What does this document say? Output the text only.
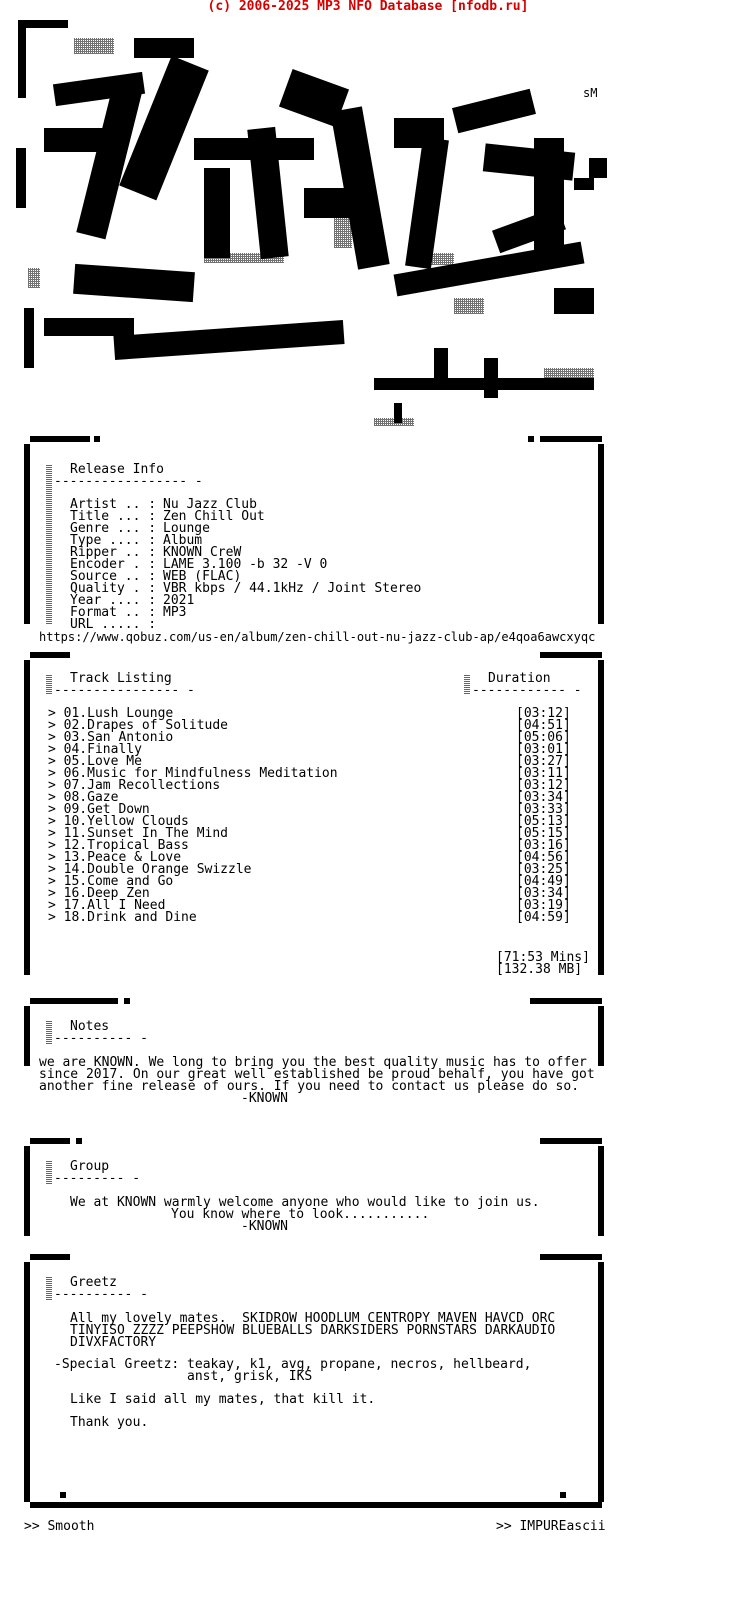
(c) 2006-2025 MP3 NFO Database [nfodb.ru]
sM
Release Info
----------------- -
Artist .. : Nu Jazz Club
Title ... : Zen Chill Out
Genre ... : Lounge
Type .... : Album
Ripper .. : KNOWN CreW
Encoder . : LAME 3.100 -b 32 -V 0
Source .. : WEB (FLAC)
Quality . : VBR kbps / 44.1kHz / Joint Stereo
Year .... : 2021
Format .. : MP3
URL ..... :
https://www.qobuz.com/us-en/album/zen-chill-out-nu-jazz-club-ap/e4qoa6awcxyqc
Track Listing
---------------- -
Duration
------------ -
> 01.Lush Lounge	[03:12]
> 02.Drapes of Solitude	[04:51]
> 03.San Antonio	[05:06]
> 04.Finally	[03:01]
> 05.Love Me	[03:27]
> 06.Music for Mindfulness Meditation	[03:11]
> 07.Jam Recollections	[03:12]
> 08.Gaze	[03:34]
> 09.Get Down	[03:33]
> 10.Yellow Clouds	[05:13]
> 11.Sunset In The Mind	[05:15]
> 12.Tropical Bass	[03:16]
> 13.Peace & Love	[04:56]
> 14.Double Orange Swizzle	[03:25]
> 15.Come and Go	[04:49]
> 16.Deep Zen	[03:34]
> 17.All I Need	[03:19]
> 18.Drink and Dine	[04:59]
[71:53 Mins]
[132.38 MB]
Notes
---------- -
we are KNOWN. We long to bring you the best quality music has to offer
since 2017. On our great well established be proud behalf, you have got
another fine release of ours. If you need to contact us please do so.
-KNOWN
Group
--------- -
We at KNOWN warmly welcome anyone who would like to join us.
You know where to look...........
-KNOWN
Greetz
---------- -
All my lovely mates.  SKIDROW HOODLUM CENTROPY MAVEN HAVCD ORC
TINYISO ZZZZ PEEPSHOW BLUEBALLS DARKSIDERS PORNSTARS DARKAUDIO
DIVXFACTORY
-Special Greetz: teakay, k1, avg, propane, necros, hellbeard,
anst, grisk, IKS
Like I said all my mates, that kill it.
Thank you.
>> Smooth	>> IMPUREascii
